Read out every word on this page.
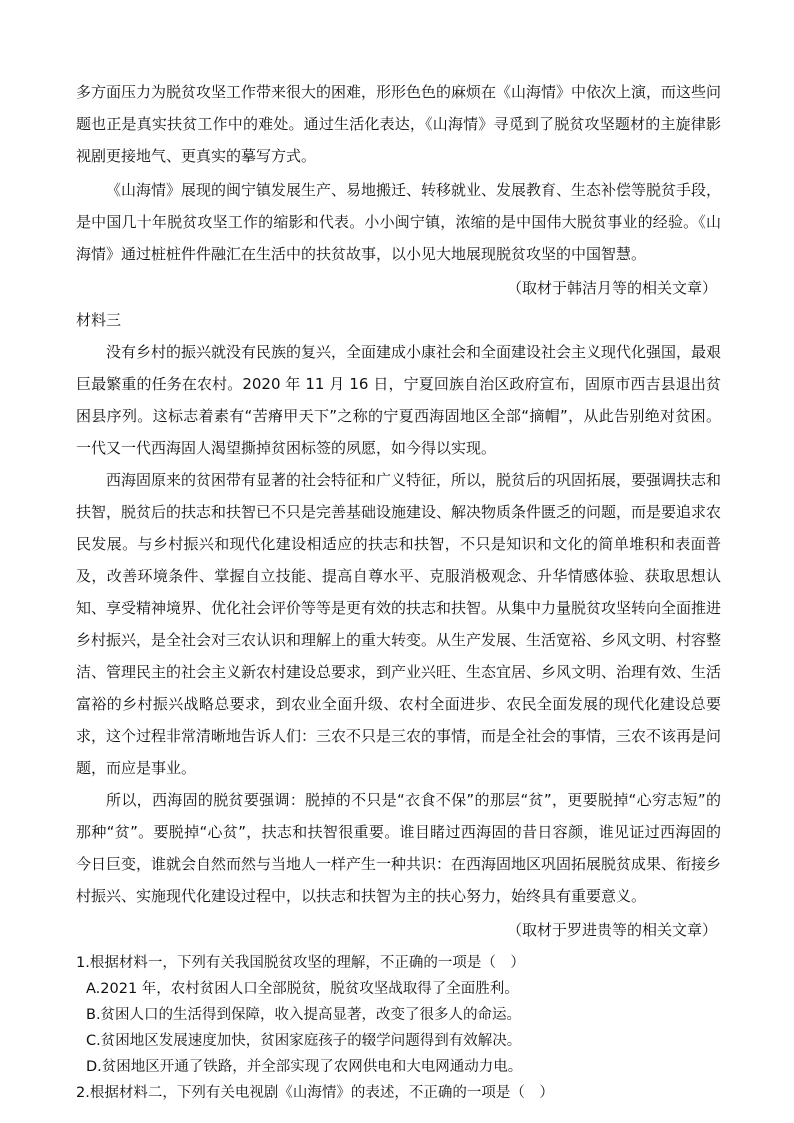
多方面压力为脱贫攻坚工作带来很大的困难，形形色色的麻烦在《山海情》中依次上演，而这些问题也正是真实扶贫工作中的难处。通过生活化表达，《山海情》寻觅到了脱贫攻坚题材的主旋律影视剧更接地气、更真实的摹写方式。

《山海情》展现的闽宁镇发展生产、易地搬迁、转移就业、发展教育、生态补偿等脱贫手段，是中国几十年脱贫攻坚工作的缩影和代表。小小闽宁镇，浓缩的是中国伟大脱贫事业的经验。《山海情》通过桩桩件件融汇在生活中的扶贫故事，以小见大地展现脱贫攻坚的中国智慧。

（取材于韩洁月等的相关文章）

材料三

没有乡村的振兴就没有民族的复兴，全面建成小康社会和全面建设社会主义现代化强国，最艰巨最繁重的任务在农村。2020 年 11 月 16 日，宁夏回族自治区政府宣布，固原市西吉县退出贫困县序列。这标志着素有“苦瘠甲天下”之称的宁夏西海固地区全部“摘帽”，从此告别绝对贫困。一代又一代西海固人渴望撕掉贫困标签的夙愿，如今得以实现。

西海固原来的贫困带有显著的社会特征和广义特征，所以，脱贫后的巩固拓展，要强调扶志和扶智，脱贫后的扶志和扶智已不只是完善基础设施建设、解决物质条件匮乏的问题，而是要追求农民发展。与乡村振兴和现代化建设相适应的扶志和扶智，不只是知识和文化的简单堆积和表面普及，改善环境条件、掌握自立技能、提高自尊水平、克服消极观念、升华情感体验、获取思想认知、享受精神境界、优化社会评价等等是更有效的扶志和扶智。从集中力量脱贫攻坚转向全面推进乡村振兴，是全社会对三农认识和理解上的重大转变。从生产发展、生活宽裕、乡风文明、村容整洁、管理民主的社会主义新农村建设总要求，到产业兴旺、生态宜居、乡风文明、治理有效、生活富裕的乡村振兴战略总要求，到农业全面升级、农村全面进步、农民全面发展的现代化建设总要求，这个过程非常清晰地告诉人们：三农不只是三农的事情，而是全社会的事情，三农不该再是问题，而应是事业。

所以，西海固的脱贫要强调：脱掉的不只是“衣食不保”的那层“贫”，更要脱掉“心穷志短”的那种“贫”。要脱掉“心贫”，扶志和扶智很重要。谁目睹过西海固的昔日容颜，谁见证过西海固的今日巨变，谁就会自然而然与当地人一样产生一种共识：在西海固地区巩固拓展脱贫成果、衔接乡村振兴、实施现代化建设过程中，以扶志和扶智为主的扶心努力，始终具有重要意义。

（取材于罗进贵等的相关文章）

1.根据材料一，下列有关我国脱贫攻坚的理解，不正确的一项是（　）

A.2021 年，农村贫困人口全部脱贫，脱贫攻坚战取得了全面胜利。

B.贫困人口的生活得到保障，收入提高显著，改变了很多人的命运。

C.贫困地区发展速度加快，贫困家庭孩子的辍学问题得到有效解决。

D.贫困地区开通了铁路，并全部实现了农网供电和大电网通动力电。

2.根据材料二，下列有关电视剧《山海情》的表述，不正确的一项是（　）
